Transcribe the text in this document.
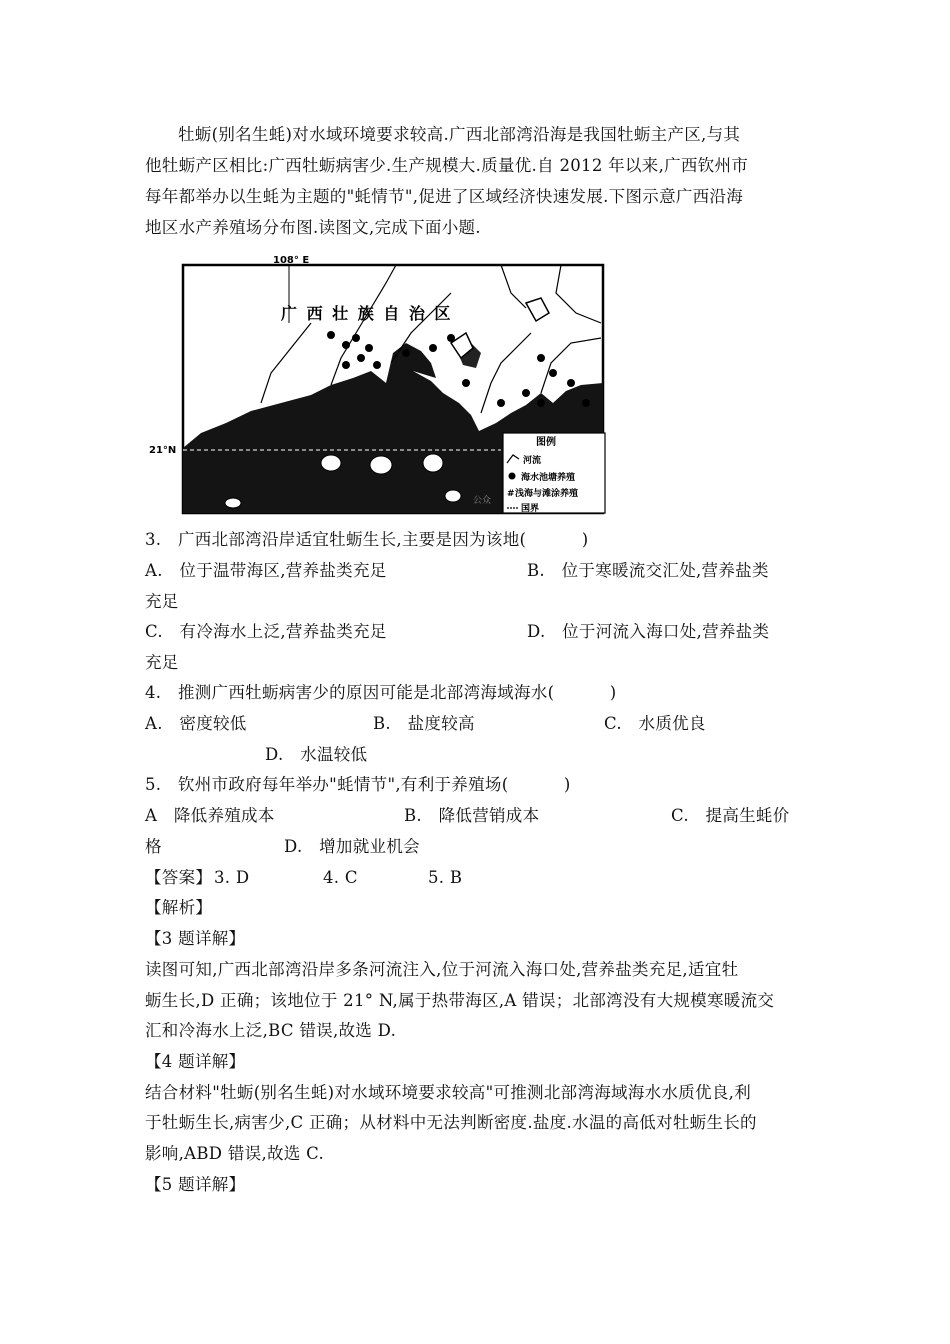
牡蛎(别名生蚝)对水域环境要求较高.广西北部湾沿海是我国牡蛎主产区,与其
他牡蛎产区相比:广西牡蛎病害少.生产规模大.质量优.自 2012 年以来,广西钦州市
每年都举办以生蚝为主题的"蚝情节",促进了区域经济快速发展.下图示意广西沿海
地区水产养殖场分布图.读图文,完成下面小题.
108° E
21°N
广 西 壮 族 自 治 区
图例
河流
海水池塘养殖
# 浅海与滩涂养殖
国界
公众
3.   广西北部湾沿岸适宜牡蛎生长,主要是因为该地(          )
A.   位于温带海区,营养盐类充足	B.   位于寒暖流交汇处,营养盐类
充足
C.   有冷海水上泛,营养盐类充足	D.   位于河流入海口处,营养盐类
充足
4.   推测广西牡蛎病害少的原因可能是北部湾海域海水(          )
A.   密度较低	B.   盐度较高	C.   水质优良
D.   水温较低
5.   钦州市政府每年举办"蚝情节",有利于养殖场(          )
A   降低养殖成本	B.   降低营销成本	C.   提高生蚝价
格	D.   增加就业机会
【答案】 3. D	4. C	5. B
【解析】
【3 题详解】
读图可知,广西北部湾沿岸多条河流注入,位于河流入海口处,营养盐类充足,适宜牡
蛎生长,D 正确；该地位于 21° N,属于热带海区,A 错误；北部湾没有大规模寒暖流交
汇和冷海水上泛,BC 错误,故选 D.
【4 题详解】
结合材料"牡蛎(别名生蚝)对水域环境要求较高"可推测北部湾海域海水水质优良,利
于牡蛎生长,病害少,C 正确；从材料中无法判断密度.盐度.水温的高低对牡蛎生长的
影响,ABD 错误,故选 C.
【5 题详解】
